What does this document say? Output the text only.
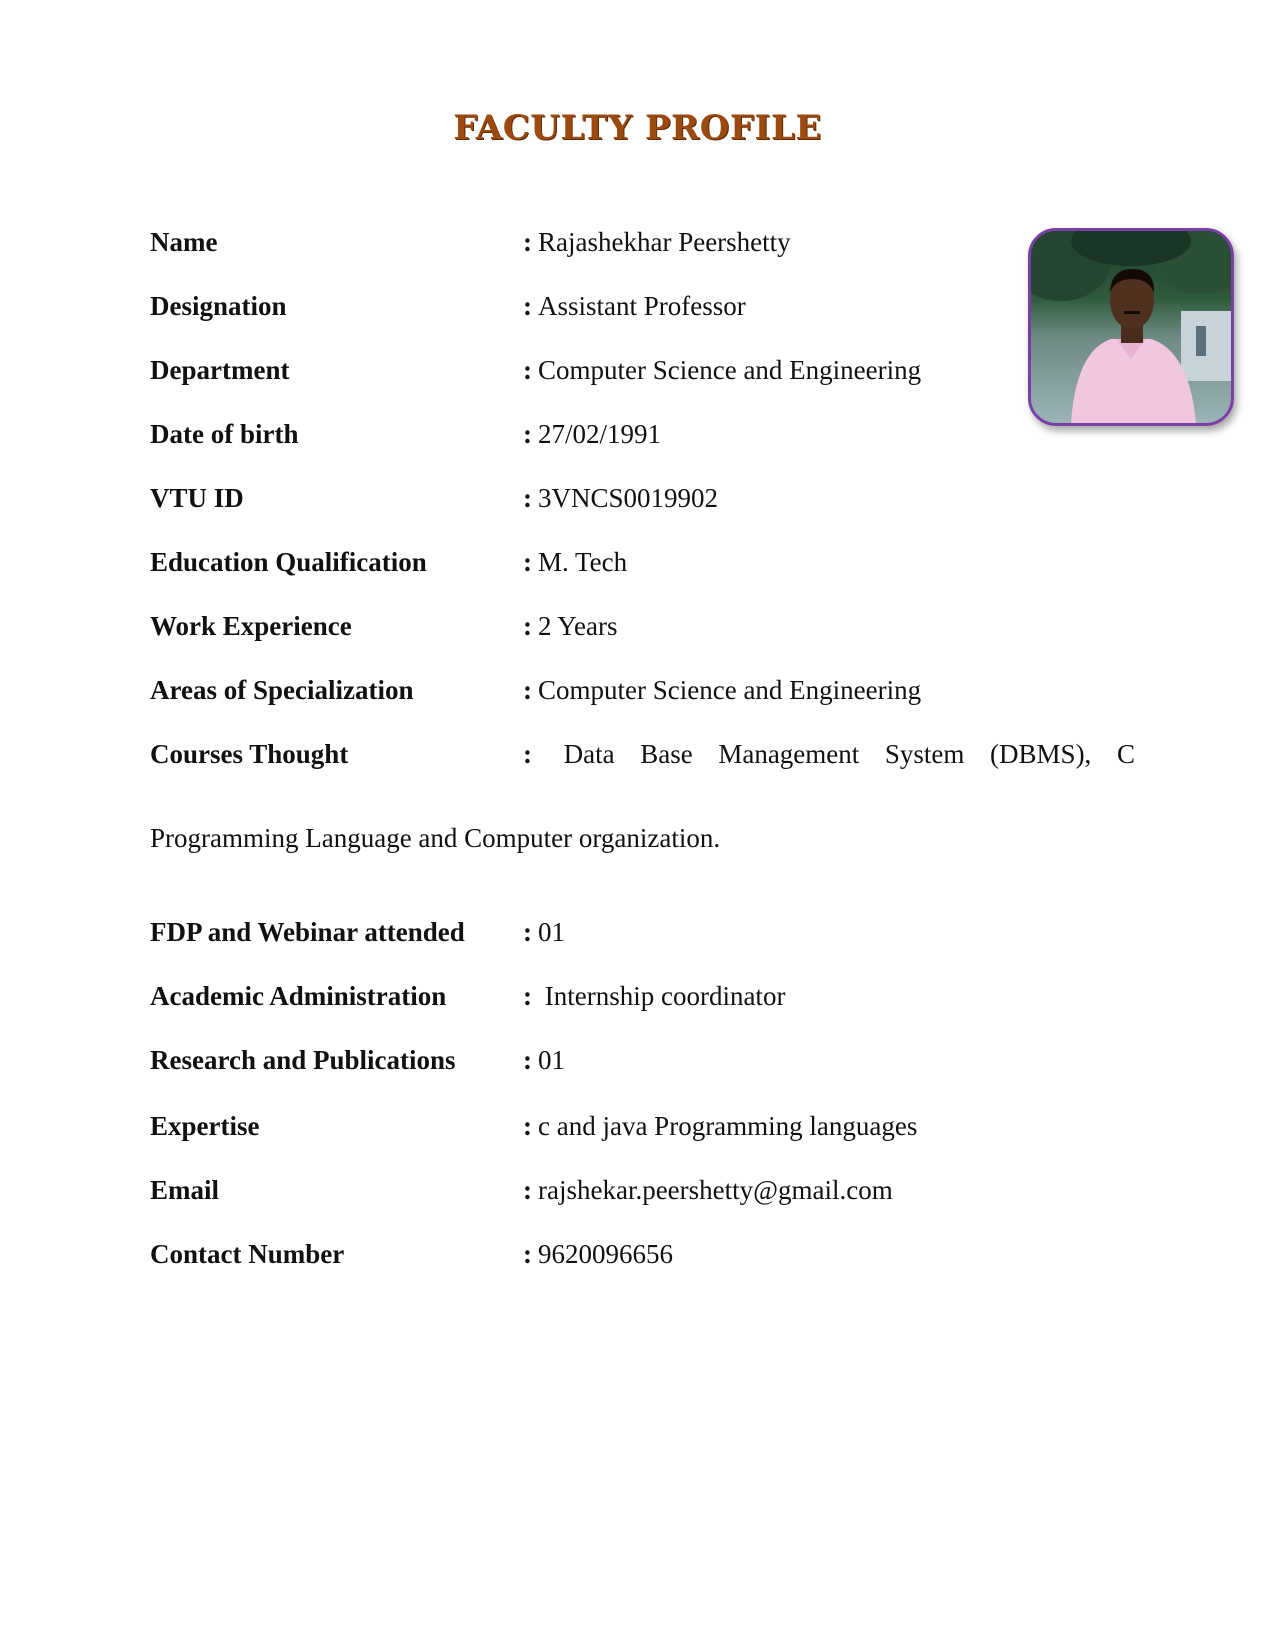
FACULTY PROFILE
Name	: Rajashekhar Peershetty
Designation	: Assistant Professor
Department	: Computer Science and Engineering
Date of birth	: 27/02/1991
VTU ID	: 3VNCS0019902
Education Qualification	: M. Tech
Work Experience	: 2 Years
Areas of Specialization	: Computer Science and Engineering
Courses Thought	: Data Base Management System (DBMS), C
Programming Language and Computer organization.
FDP and Webinar attended : 01
Academic Administration	: Internship coordinator
Research and Publications : 01
Expertise	: c and java Programming languages
Email	: rajshekar.peershetty@gmail.com
Contact Number	: 9620096656
